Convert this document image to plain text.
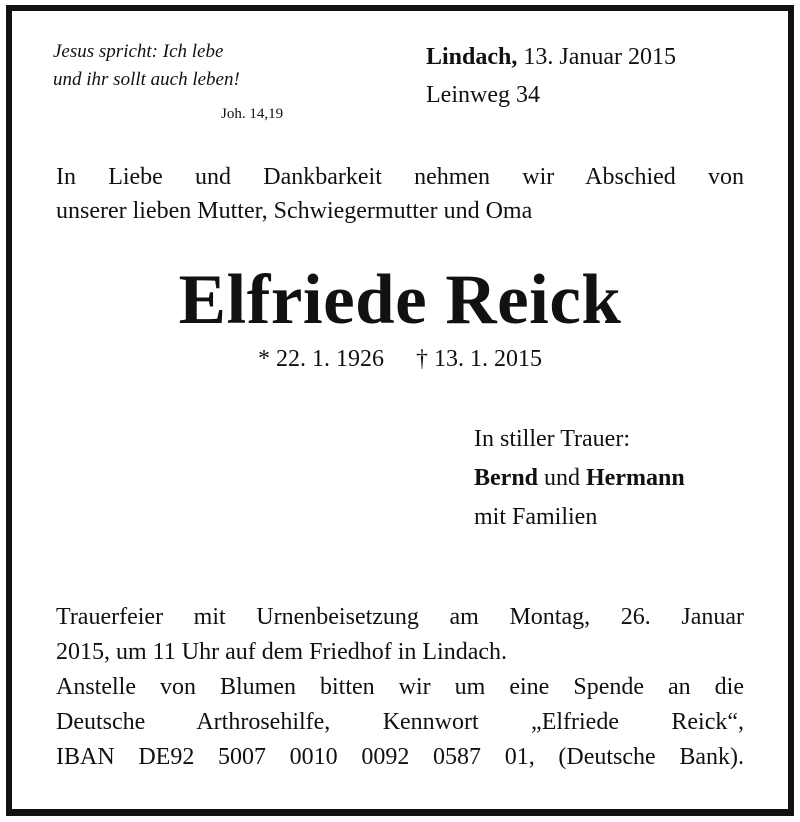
Jesus spricht: Ich lebe
und ihr sollt auch leben!
Joh. 14,19
Lindach, 13. Januar 2015
Leinweg 34
In Liebe und Dankbarkeit nehmen wir Abschied von
unserer lieben Mutter, Schwiegermutter und Oma
Elfriede Reick
* 22. 1. 1926 † 13. 1. 2015
In stiller Trauer:
Bernd und Hermann
mit Familien
Trauerfeier mit Urnenbeisetzung am Montag, 26. Januar
2015, um 11 Uhr auf dem Friedhof in Lindach.
Anstelle von Blumen bitten wir um eine Spende an die
Deutsche Arthrosehilfe, Kennwort „Elfriede Reick“,
IBAN DE92 5007 0010 0092 0587 01, (Deutsche Bank).
